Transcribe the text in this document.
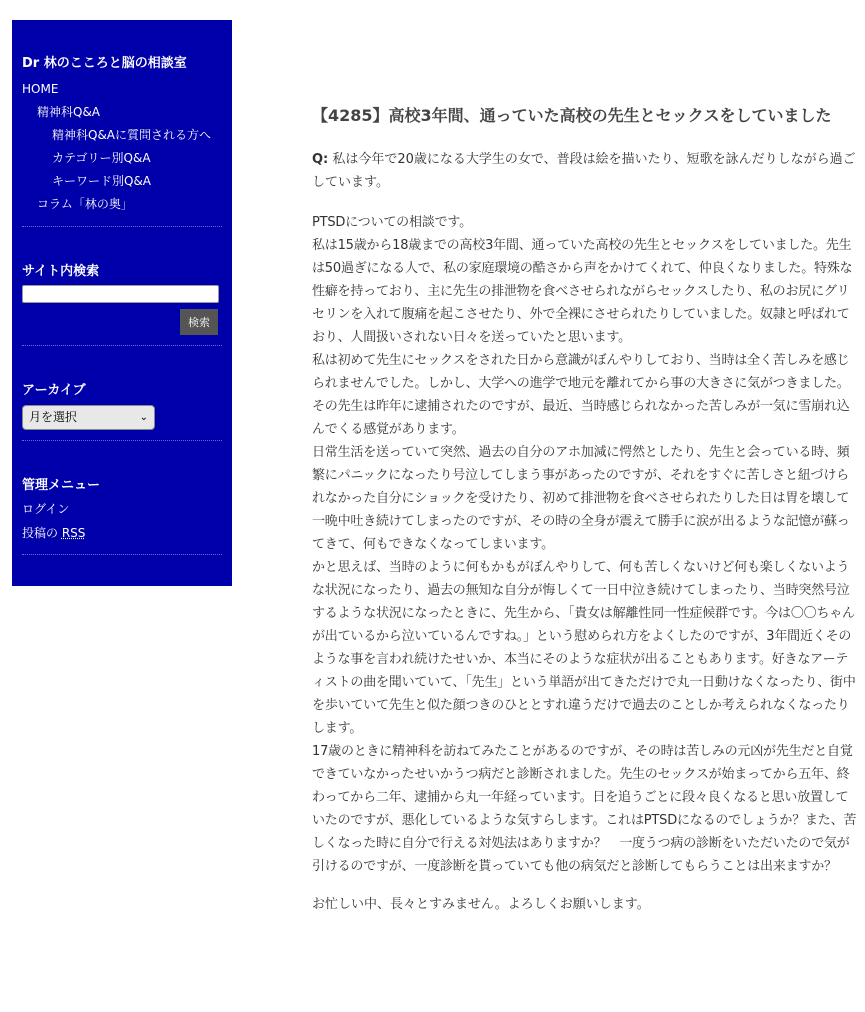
Dr 林のこころと脳の相談室
HOME
精神科Q&A
精神科Q&Aに質問される方へ
カテゴリー別Q&A
キーワード別Q&A
コラム「林の奥」
サイト内検索
検索
アーカイブ
月を選択	⌄
管理メニュー
ログイン
投稿の RSS
【4285】高校3年間、通っていた高校の先生とセックスをしていました

Q: 私は今年で20歳になる大学生の女で、普段は絵を描いたり、短歌を詠んだりしながら過ごしています。

PTSDについての相談です。
私は15歳から18歳までの高校3年間、通っていた高校の先生とセックスをしていました。先生は50過ぎになる人で、私の家庭環境の酷さから声をかけてくれて、仲良くなりました。特殊な性癖を持っており、主に先生の排泄物を食べさせられながらセックスしたり、私のお尻にグリセリンを入れて腹痛を起こさせたり、外で全裸にさせられたりしていました。奴隷と呼ばれており、人間扱いされない日々を送っていたと思います。
私は初めて先生にセックスをされた日から意識がぼんやりしており、当時は全く苦しみを感じられませんでした。しかし、大学への進学で地元を離れてから事の大きさに気がつきました。その先生は昨年に逮捕されたのですが、最近、当時感じられなかった苦しみが一気に雪崩れ込んでくる感覚があります。
日常生活を送っていて突然、過去の自分のアホ加減に愕然としたり、先生と会っている時、頻繁にパニックになったり号泣してしまう事があったのですが、それをすぐに苦しさと紐づけられなかった自分にショックを受けたり、初めて排泄物を食べさせられたりした日は胃を壊して一晩中吐き続けてしまったのですが、その時の全身が震えて勝手に涙が出るような記憶が蘇ってきて、何もできなくなってしまいます。
かと思えば、当時のように何もかもがぼんやりして、何も苦しくないけど何も楽しくないような状況になったり、過去の無知な自分が悔しくて一日中泣き続けてしまったり、当時突然号泣するような状況になったときに、先生から、「貴女は解離性同一性症候群です。今は〇〇ちゃんが出ているから泣いているんですね。」という慰められ方をよくしたのですが、3年間近くそのような事を言われ続けたせいか、本当にそのような症状が出ることもあります。好きなアーティストの曲を聞いていて、「先生」という単語が出てきただけで丸一日動けなくなったり、街中を歩いていて先生と似た顔つきのひととすれ違うだけで過去のことしか考えられなくなったりします。
17歳のときに精神科を訪ねてみたことがあるのですが、その時は苦しみの元凶が先生だと自覚できていなかったせいかうつ病だと診断されました。先生のセックスが始まってから五年、終わってから二年、逮捕から丸一年経っています。日を追うごとに段々良くなると思い放置していたのですが、悪化しているような気すらします。これはPTSDになるのでしょうか？また、苦しくなった時に自分で行える対処法はありますか？　一度うつ病の診断をいただいたので気が引けるのですが、一度診断を貰っていても他の病気だと診断してもらうことは出来ますか？

お忙しい中、長々とすみません。よろしくお願いします。
